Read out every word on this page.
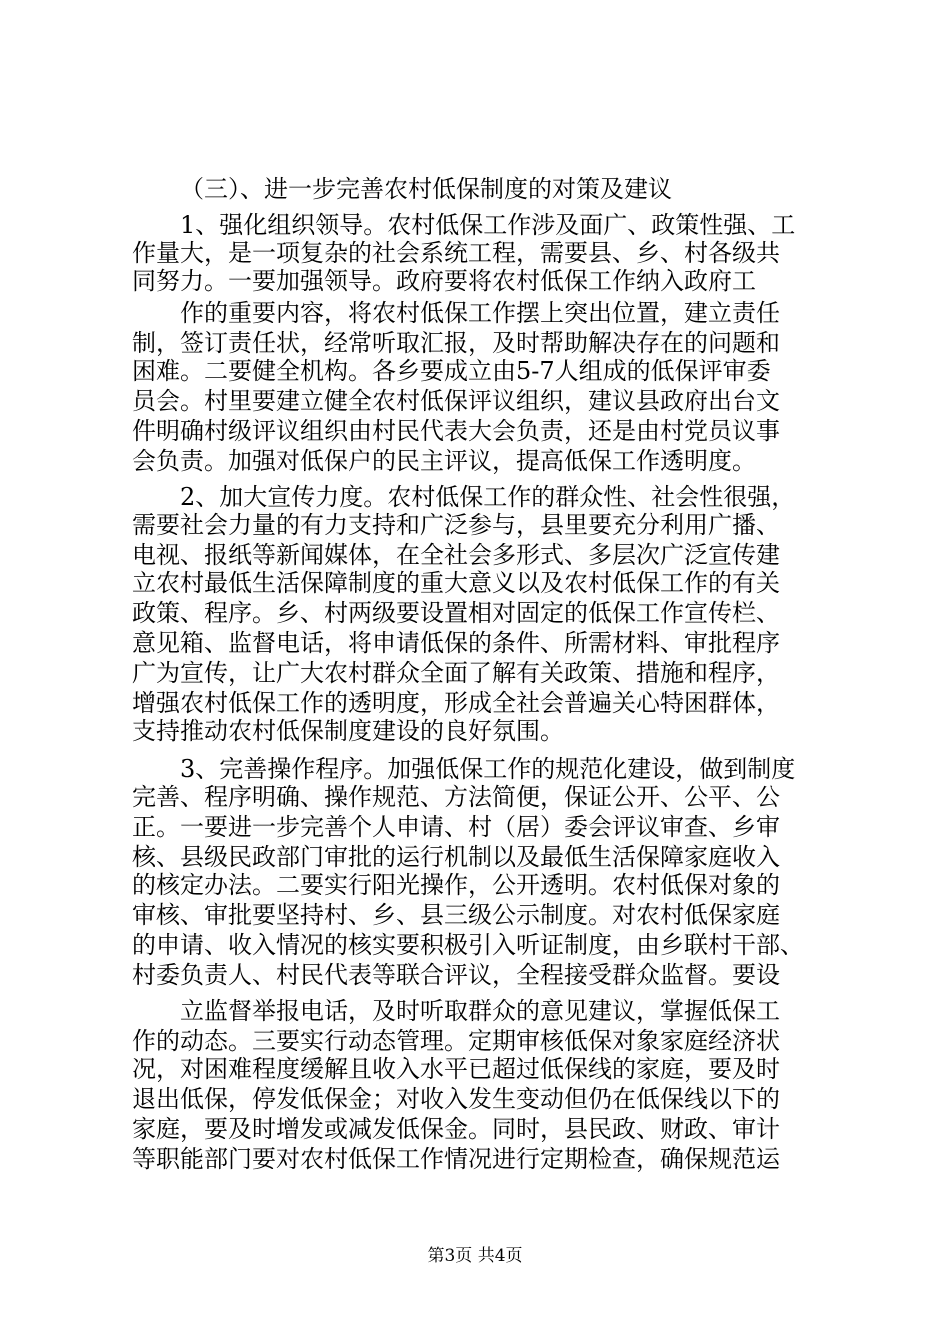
（三）、进一步完善农村低保制度的对策及建议
1、强化组织领导。农村低保工作涉及面广、政策性强、工
作量大，是一项复杂的社会系统工程，需要县、乡、村各级共
同努力。一要加强领导。政府要将农村低保工作纳入政府工
作的重要内容，将农村低保工作摆上突出位置，建立责任
制，签订责任状，经常听取汇报，及时帮助解决存在的问题和
困难。二要健全机构。各乡要成立由5-7人组成的低保评审委
员会。村里要建立健全农村低保评议组织，建议县政府出台文
件明确村级评议组织由村民代表大会负责，还是由村党员议事
会负责。加强对低保户的民主评议，提高低保工作透明度。
2、加大宣传力度。农村低保工作的群众性、社会性很强，
需要社会力量的有力支持和广泛参与，县里要充分利用广播、
电视、报纸等新闻媒体，在全社会多形式、多层次广泛宣传建
立农村最低生活保障制度的重大意义以及农村低保工作的有关
政策、程序。乡、村两级要设置相对固定的低保工作宣传栏、
意见箱、监督电话，将申请低保的条件、所需材料、审批程序
广为宣传，让广大农村群众全面了解有关政策、措施和程序，
增强农村低保工作的透明度，形成全社会普遍关心特困群体，
支持推动农村低保制度建设的良好氛围。
3、完善操作程序。加强低保工作的规范化建设，做到制度
完善、程序明确、操作规范、方法简便，保证公开、公平、公
正。一要进一步完善个人申请、村（居）委会评议审查、乡审
核、县级民政部门审批的运行机制以及最低生活保障家庭收入
的核定办法。二要实行阳光操作，公开透明。农村低保对象的
审核、审批要坚持村、乡、县三级公示制度。对农村低保家庭
的申请、收入情况的核实要积极引入听证制度，由乡联村干部、
村委负责人、村民代表等联合评议，全程接受群众监督。要设
立监督举报电话，及时听取群众的意见建议，掌握低保工
作的动态。三要实行动态管理。定期审核低保对象家庭经济状
况，对困难程度缓解且收入水平已超过低保线的家庭，要及时
退出低保，停发低保金；对收入发生变动但仍在低保线以下的
家庭，要及时增发或减发低保金。同时，县民政、财政、审计
等职能部门要对农村低保工作情况进行定期检查，确保规范运
第3页 共4页
